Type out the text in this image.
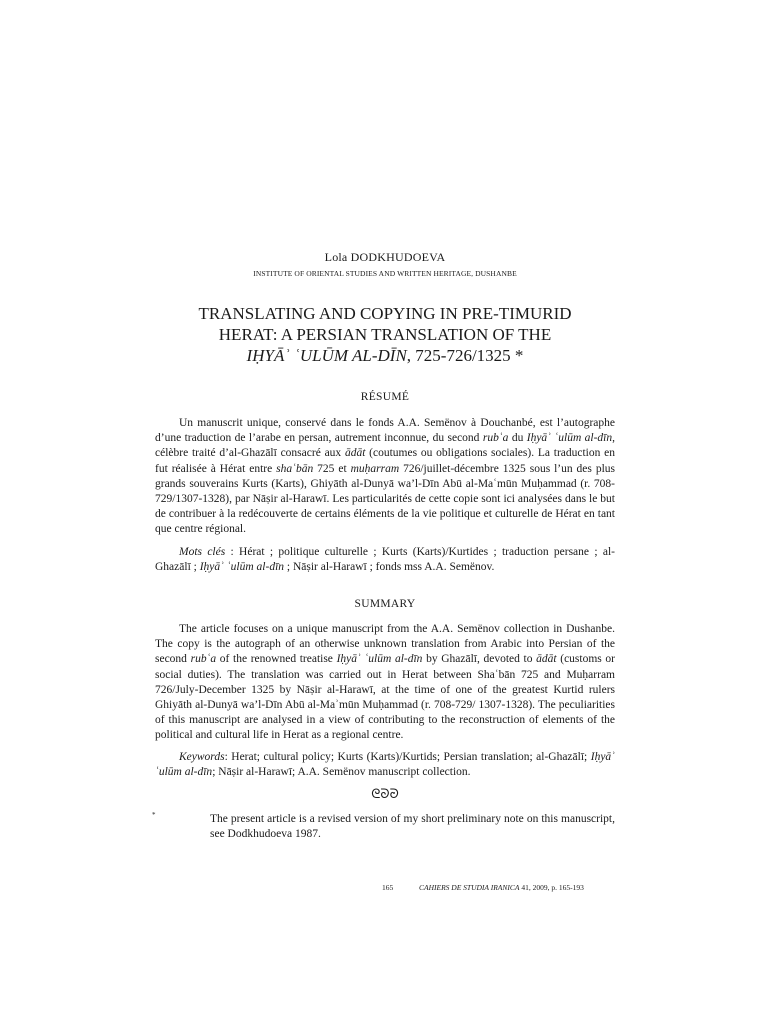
Lola DODKHUDOEVA
INSTITUTE OF ORIENTAL STUDIES AND WRITTEN HERITAGE, DUSHANBE
TRANSLATING AND COPYING IN PRE-TIMURID
HERAT: A PERSIAN TRANSLATION OF THE
IḤYĀʾ ʿULŪM AL-DĪN, 725-726/1325 *
RÉSUMÉ

Un manuscrit unique, conservé dans le fonds A.A. Semënov à Douchanbé, est l’autographe d’une traduction de l’arabe en persan, autrement inconnue, du second rubʿa du Iḥyāʾ ʿulūm al-dīn, célèbre traité d’al-Ghazālī consacré aux ādāt (coutumes ou obligations sociales). La traduction en fut réalisée à Hérat entre shaʿbān 725 et muḥarram 726/juillet-décembre 1325 sous l’un des plus grands souverains Kurts (Karts), Ghiyāth al-Dunyā wa’l-Dīn Abū al-Maʿmūn Muḥammad (r. 708-729/1307-1328), par Nāṣir al-Harawī. Les particularités de cette copie sont ici analysées dans le but de contribuer à la redécouverte de certains éléments de la vie politique et culturelle de Hérat en tant que centre régional.

Mots clés : Hérat ; politique culturelle ; Kurts (Karts)/Kurtides ; traduction persane ; al-Ghazālī ; Iḥyāʾ ʿulūm al-dīn ; Nāṣir al-Harawī ; fonds mss A.A. Semënov.

SUMMARY

The article focuses on a unique manuscript from the A.A. Semënov collection in Dushanbe. The copy is the autograph of an otherwise unknown translation from Arabic into Persian of the second rubʿa of the renowned treatise Iḥyāʾ ʿulūm al-dīn by Ghazālī, devoted to ādāt (customs or social duties). The translation was carried out in Herat between Shaʿbān 725 and Muḥarram 726/July-December 1325 by Nāṣir al-Harawī, at the time of one of the greatest Kurtid rulers Ghiyāth al-Dunyā wa’l-Dīn Abū al-Maʾmūn Muḥammad (r. 708-729/ 1307-1328). The peculiarities of this manuscript are analysed in a view of contributing to the reconstruction of elements of the political and cultural life in Herat as a regional centre.

Keywords: Herat; cultural policy; Kurts (Karts)/Kurtids; Persian translation; al-Ghazālī; Iḥyāʾ ʿulūm al-dīn; Nāṣir al-Harawī; A.A. Semënov manuscript collection.

ᘓᘐᘒ
*	The present article is a revised version of my short preliminary note on this manuscript, see Dodkhudoeva 1987.
165	CAHIERS DE STUDIA IRANICA 41, 2009, p. 165-193
